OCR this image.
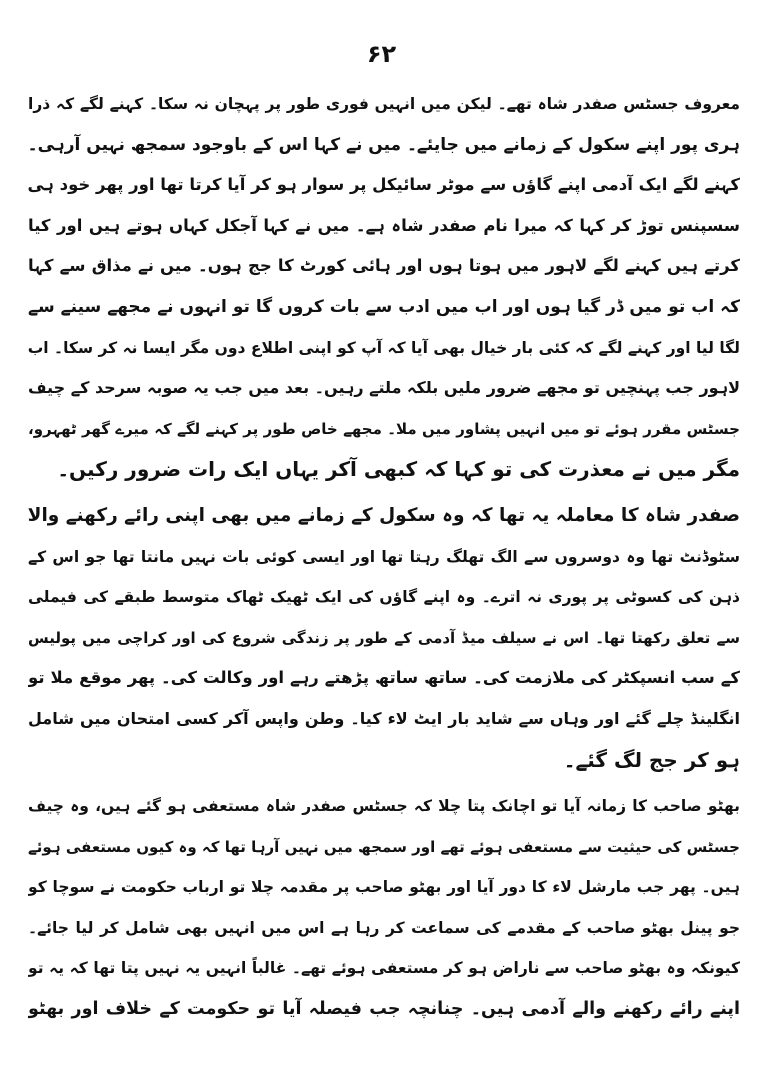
۶۲
معروف جسٹس صفدر شاہ تھے۔ لیکن میں انہیں فوری طور پر پہچان نہ سکا۔ کہنے لگے کہ ذرا
ہری پور اپنے سکول کے زمانے میں جایئے۔ میں نے کہا اس کے باوجود سمجھ نہیں آرہی۔
کہنے لگے ایک آدمی اپنے گاؤں سے موٹر سائیکل پر سوار ہو کر آیا کرتا تھا اور پھر خود ہی
سسپنس توڑ کر کہا کہ میرا نام صفدر شاہ ہے۔ میں نے کہا آجکل کہاں ہوتے ہیں اور کیا
کرتے ہیں کہنے لگے لاہور میں ہوتا ہوں اور ہائی کورٹ کا جج ہوں۔ میں نے مذاق سے کہا
کہ اب تو میں ڈر گیا ہوں اور اب میں ادب سے بات کروں گا تو انہوں نے مجھے سینے سے
لگا لیا اور کہنے لگے کہ کئی بار خیال بھی آیا کہ آپ کو اپنی اطلاع دوں مگر ایسا نہ کر سکا۔ اب
لاہور جب پہنچیں تو مجھے ضرور ملیں بلکہ ملتے رہیں۔ بعد میں جب یہ صوبہ سرحد کے چیف
جسٹس مقرر ہوئے تو میں انہیں پشاور میں ملا۔ مجھے خاص طور پر کہنے لگے کہ میرے گھر ٹھہرو،
مگر میں نے معذرت کی تو کہا کہ کبھی آکر یہاں ایک رات ضرور رکیں۔
صفدر شاہ کا معاملہ یہ تھا کہ وہ سکول کے زمانے میں بھی اپنی رائے رکھنے والا
سٹوڈنٹ تھا وہ دوسروں سے الگ تھلگ رہتا تھا اور ایسی کوئی بات نہیں مانتا تھا جو اس کے
ذہن کی کسوٹی پر پوری نہ اترے۔ وہ اپنے گاؤں کی ایک ٹھیک ٹھاک متوسط طبقے کی فیملی
سے تعلق رکھتا تھا۔ اس نے سیلف میڈ آدمی کے طور پر زندگی شروع کی اور کراچی میں پولیس
کے سب انسپکٹر کی ملازمت کی۔ ساتھ ساتھ پڑھتے رہے اور وکالت کی۔ پھر موقع ملا تو
انگلینڈ چلے گئے اور وہاں سے شاید بار ایٹ لاء کیا۔ وطن واپس آکر کسی امتحان میں شامل
ہو کر جج لگ گئے۔
بھٹو صاحب کا زمانہ آیا تو اچانک پتا چلا کہ جسٹس صفدر شاہ مستعفی ہو گئے ہیں، وہ چیف
جسٹس کی حیثیت سے مستعفی ہوئے تھے اور سمجھ میں نہیں آرہا تھا کہ وہ کیوں مستعفی ہوئے
ہیں۔ پھر جب مارشل لاء کا دور آیا اور بھٹو صاحب پر مقدمہ چلا تو ارباب حکومت نے سوچا کو
جو پینل بھٹو صاحب کے مقدمے کی سماعت کر رہا ہے اس میں انہیں بھی شامل کر لیا جائے۔
کیونکہ وہ بھٹو صاحب سے ناراض ہو کر مستعفی ہوئے تھے۔ غالباً انہیں یہ نہیں پتا تھا کہ یہ تو
اپنے رائے رکھنے والے آدمی ہیں۔ چنانچہ جب فیصلہ آیا تو حکومت کے خلاف اور بھٹو
